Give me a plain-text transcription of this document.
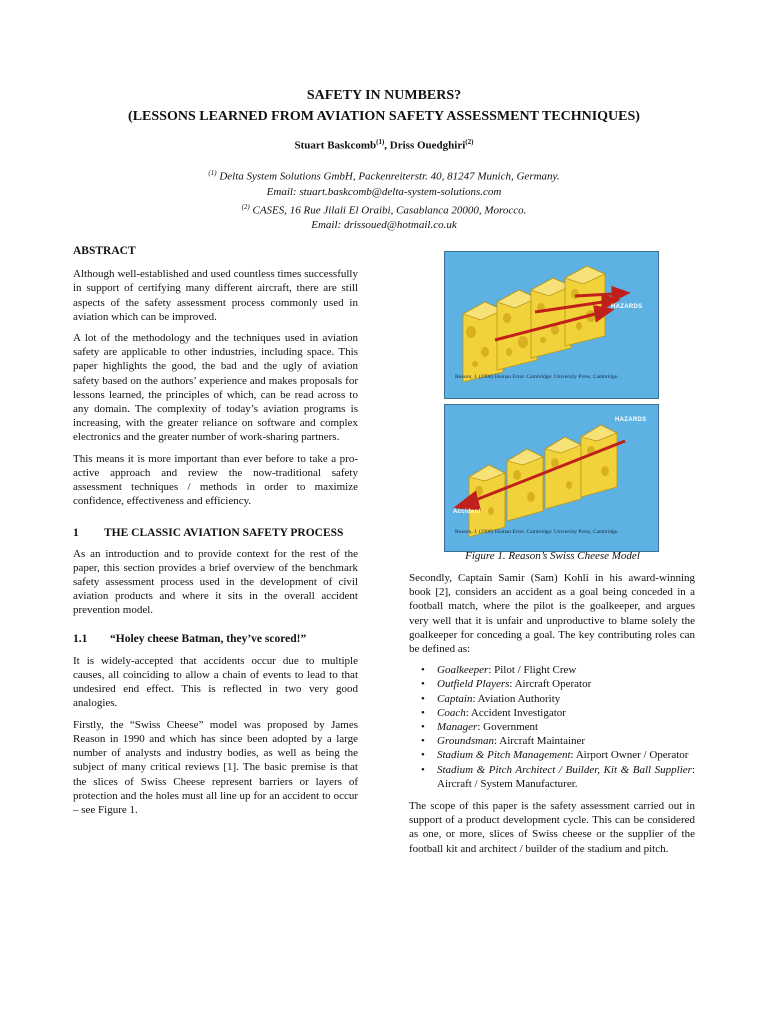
SAFETY IN NUMBERS?
(LESSONS LEARNED FROM AVIATION SAFETY ASSESSMENT TECHNIQUES)
Stuart Baskcomb$^{(1)}$, Driss Ouedghiri$^{(2)}$
$^{(1)}$ Delta System Solutions GmbH, Packenreiterstr. 40, 81247 Munich, Germany.
Email: stuart.baskcomb@delta-system-solutions.com
$^{(2)}$ CASES, 16 Rue Jilali El Oraibi, Casablanca 20000, Morocco.
Email: drissoued@hotmail.co.uk
ABSTRACT

Although well-established and used countless times successfully in support of certifying many different aircraft, there are still aspects of the safety assessment process commonly used in aviation which can be improved.

A lot of the methodology and the techniques used in aviation safety are applicable to other industries, including space. This paper highlights the good, the bad and the ugly of aviation safety based on the authors’ experience and makes proposals for lessons learned, the principles of which, can be read across to any domain. The complexity of today’s aviation programs is increasing, with the greater reliance on software and complex electronics and the greater number of work-sharing partners.

This means it is more important than ever before to take a pro-active approach and review the now-traditional safety assessment techniques / methods in order to maximize confidence, effectiveness and efficiency.

1	THE CLASSIC AVIATION SAFETY PROCESS

As an introduction and to provide context for the rest of the paper, this section provides a brief overview of the benchmark safety assessment process used in the development of civil aviation products and where it sits in the overall accident prevention model.

1.1	“Holey cheese Batman, they’ve scored!”

It is widely-accepted that accidents occur due to multiple causes, all coinciding to allow a chain of events to lead to that undesired end effect. This is reflected in two very good analogies.

Firstly, the “Swiss Cheese” model was proposed by James Reason in 1990 and which has since been adopted by a large number of analysts and industry bodies, as well as being the subject of many critical reviews [1]. The basic premise is that the slices of Swiss Cheese represent barriers or layers of protection and the holes must all line up for an accident to occur – see Figure 1.

HAZARDS
Reason, J. (1990) Human Error. Cambridge: University Press, Cambridge.
HAZARDS
Accident
Reason, J. (1990) Human Error. Cambridge: University Press, Cambridge.
Figure 1. Reason’s Swiss Cheese Model

Secondly, Captain Samir (Sam) Kohli in his award-winning book [2], considers an accident as a goal being conceded in a football match, where the pilot is the goalkeeper, and argues very well that it is unfair and unproductive to blame solely the goalkeeper for conceding a goal. The key contributing roles can be defined as:

• Goalkeeper: Pilot / Flight Crew
• Outfield Players: Aircraft Operator
• Captain: Aviation Authority
• Coach: Accident Investigator
• Manager: Government
• Groundsman: Aircraft Maintainer
• Stadium & Pitch Management: Airport Owner / Operator
• Stadium & Pitch Architect / Builder, Kit & Ball Supplier: Aircraft / System Manufacturer.

The scope of this paper is the safety assessment carried out in support of a product development cycle. This can be considered as one, or more, slices of Swiss cheese or the supplier of the football kit and architect / builder of the stadium and pitch.
